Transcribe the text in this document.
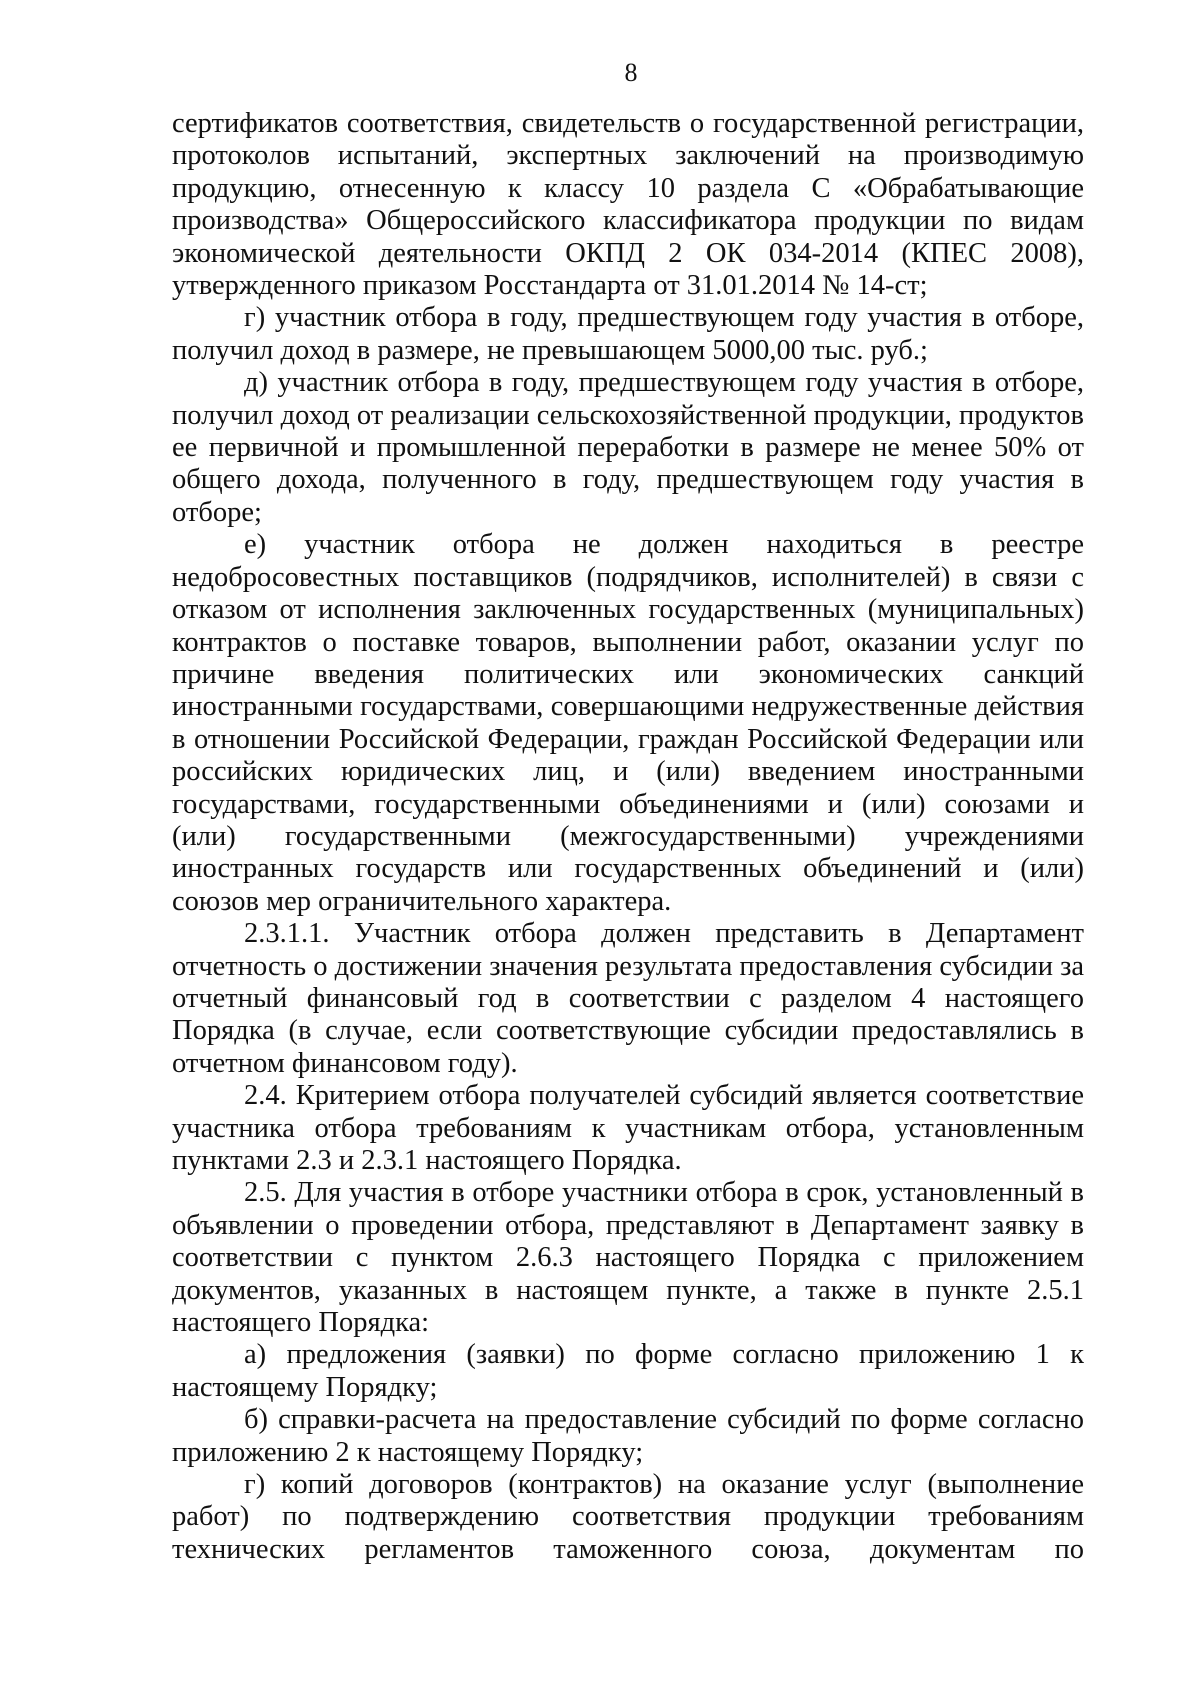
8

сертификатов соответствия, свидетельств о государственной регистрации, протоколов испытаний, экспертных заключений на производимую продукцию, отнесенную к классу 10 раздела С «Обрабатывающие производства» Общероссийского классификатора продукции по видам экономической деятельности ОКПД 2 ОК 034-2014 (КПЕС 2008), утвержденного приказом Росстандарта от 31.01.2014 № 14-ст;

г) участник отбора в году, предшествующем году участия в отборе, получил доход в размере, не превышающем 5000,00 тыс. руб.;

д) участник отбора в году, предшествующем году участия в отборе, получил доход от реализации сельскохозяйственной продукции, продуктов ее первичной и промышленной переработки в размере не менее 50% от общего дохода, полученного в году, предшествующем году участия в отборе;

е) участник отбора не должен находиться в реестре недобросовестных поставщиков (подрядчиков, исполнителей) в связи с отказом от исполнения заключенных государственных (муниципальных) контрактов о поставке товаров, выполнении работ, оказании услуг по причине введения политических или экономических санкций иностранными государствами, совершающими недружественные действия в отношении Российской Федерации, граждан Российской Федерации или российских юридических лиц, и (или) введением иностранными государствами, государственными объединениями и (или) союзами и (или) государственными (межгосударственными) учреждениями иностранных государств или государственных объединений и (или) союзов мер ограничительного характера.

2.3.1.1. Участник отбора должен представить в Департамент отчетность о достижении значения результата предоставления субсидии за отчетный финансовый год в соответствии с разделом 4 настоящего Порядка (в случае, если соответствующие субсидии предоставлялись в отчетном финансовом году).

2.4. Критерием отбора получателей субсидий является соответствие участника отбора требованиям к участникам отбора, установленным пунктами 2.3 и 2.3.1 настоящего Порядка.

2.5. Для участия в отборе участники отбора в срок, установленный в объявлении о проведении отбора, представляют в Департамент заявку в соответствии с пунктом 2.6.3 настоящего Порядка с приложением документов, указанных в настоящем пункте, а также в пункте 2.5.1 настоящего Порядка:

а) предложения (заявки) по форме согласно приложению 1 к настоящему Порядку;

б) справки-расчета на предоставление субсидий по форме согласно приложению 2 к настоящему Порядку;

г) копий договоров (контрактов) на оказание услуг (выполнение работ) по подтверждению соответствия продукции требованиям технических регламентов таможенного союза, документам по
